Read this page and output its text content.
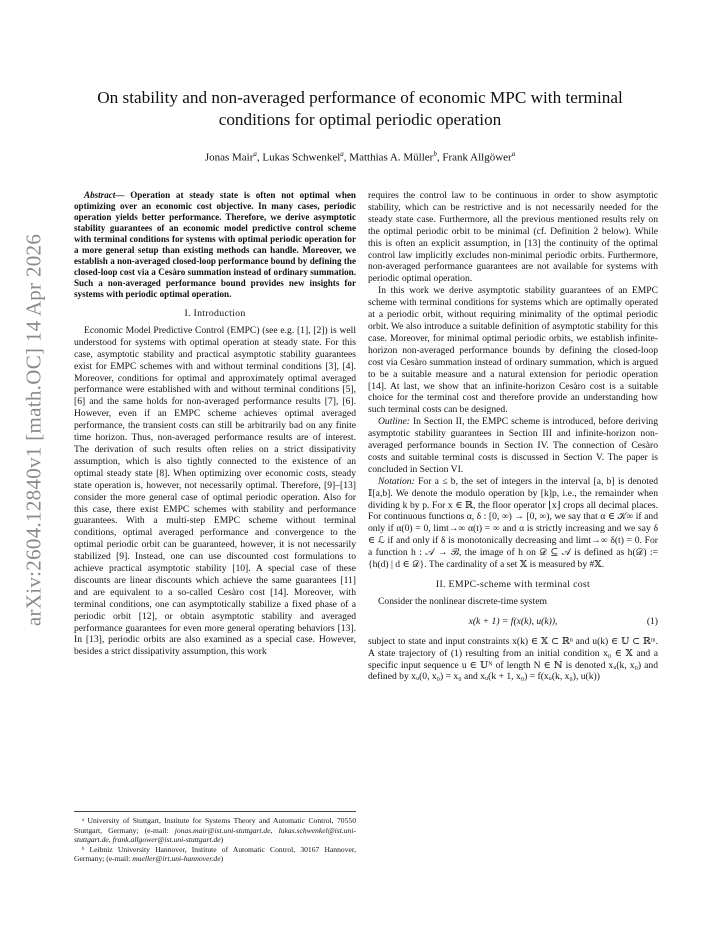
arXiv:2604.12840v1 [math.OC] 14 Apr 2026
On stability and non-averaged performance of economic MPC with terminal conditions for optimal periodic operation
Jonas Mair$^a$, Lukas Schwenkel$^a$, Matthias A. Müller$^b$, Frank Allgöwer$^a$

Abstract— Operation at steady state is often not optimal when optimizing over an economic cost objective. In many cases, periodic operation yields better performance. Therefore, we derive asymptotic stability guarantees of an economic model predictive control scheme with terminal conditions for systems with optimal periodic operation for a more general setup than existing methods can handle. Moreover, we establish a non-averaged closed-loop performance bound by defining the closed-loop cost via a Cesàro summation instead of ordinary summation. Such a non-averaged performance bound provides new insights for systems with periodic optimal operation.

I. Introduction

Economic Model Predictive Control (EMPC) (see e.g. [1], [2]) is well understood for systems with optimal operation at steady state. For this case, asymptotic stability and practical asymptotic stability guarantees exist for EMPC schemes with and without terminal conditions [3], [4]. Moreover, conditions for optimal and approximately optimal averaged performance were established with and without terminal conditions [5], [6] and the same holds for non-averaged performance results [7], [6]. However, even if an EMPC scheme achieves optimal averaged performance, the transient costs can still be arbitrarily bad on any finite time horizon. Thus, non-averaged performance results are of interest. The derivation of such results often relies on a strict dissipativity assumption, which is also tightly connected to the existence of an optimal steady state [8]. When optimizing over economic costs, steady state operation is, however, not necessarily optimal. Therefore, [9]–[13] consider the more general case of optimal periodic operation. Also for this case, there exist EMPC schemes with stability and performance guarantees. With a multi-step EMPC scheme without terminal conditions, optimal averaged performance and convergence to the optimal periodic orbit can be guaranteed, however, it is not necessarily stabilized [9]. Instead, one can use discounted cost formulations to achieve practical asymptotic stability [10]. A special case of these discounts are linear discounts which achieve the same guarantees [11] and are equivalent to a so-called Cesàro cost [14]. Moreover, with terminal conditions, one can asymptotically stabilize a fixed phase of a periodic orbit [12], or obtain asymptotic stability and averaged performance guarantees for even more general operating behaviors [13]. In [13], periodic orbits are also examined as a special case. However, besides a strict dissipativity assumption, this work

requires the control law to be continuous in order to show asymptotic stability, which can be restrictive and is not necessarily needed for the steady state case. Furthermore, all the previous mentioned results rely on the optimal periodic orbit to be minimal (cf. Definition 2 below). While this is often an explicit assumption, in [13] the continuity of the optimal control law implicitly excludes non-minimal periodic orbits. Furthermore, non-averaged performance guarantees are not available for systems with periodic optimal operation.

In this work we derive asymptotic stability guarantees of an EMPC scheme with terminal conditions for systems which are optimally operated at a periodic orbit, without requiring minimality of the optimal periodic orbit. We also introduce a suitable definition of asymptotic stability for this case. Moreover, for minimal optimal periodic orbits, we establish infinite-horizon non-averaged performance bounds by defining the closed-loop cost via Cesàro summation instead of ordinary summation, which is argued to be a suitable measure and a natural extension for periodic operation [14]. At last, we show that an infinite-horizon Cesàro cost is a suitable choice for the terminal cost and therefore provide an understanding how such terminal costs can be designed.

Outline: In Section II, the EMPC scheme is introduced, before deriving asymptotic stability guarantees in Section III and infinite-horizon non-averaged performance bounds in Section IV. The connection of Cesàro costs and suitable terminal costs is discussed in Section V. The paper is concluded in Section VI.

Notation: For a ≤ b, the set of integers in the interval [a, b] is denoted 𝕀[a,b]. We denote the modulo operation by [k]p, i.e., the remainder when dividing k by p. For x ∈ ℝ, the floor operator ⌊x⌋ crops all decimal places. For continuous functions α, δ : [0, ∞) → [0, ∞), we say that α ∈ 𝒦∞ if and only if α(0) = 0, limt→∞ α(t) = ∞ and α is strictly increasing and we say δ ∈ ℒ if and only if δ is monotonically decreasing and limt→∞ δ(t) = 0. For a function h : 𝒜 → ℬ, the image of h on 𝒟 ⊆ 𝒜 is defined as h(𝒟) := {h(d) | d ∈ 𝒟}. The cardinality of a set 𝕏 is measured by #𝕏.

II. EMPC-scheme with terminal cost

Consider the nonlinear discrete-time system

x(k + 1) = f(x(k), u(k)),	(1)

subject to state and input constraints x(k) ∈ 𝕏 ⊂ ℝⁿ and u(k) ∈ 𝕌 ⊂ ℝᵐ. A state trajectory of (1) resulting from an initial condition x₀ ∈ 𝕏 and a specific input sequence u ∈ 𝕌ᴺ of length N ∈ ℕ is denoted xᵤ(k, x₀) and defined by xᵤ(0, x₀) = x₀ and xᵤ(k + 1, x₀) = f(xᵤ(k, x₀), u(k))

ᵃ University of Stuttgart, Institute for Systems Theory and Automatic Control, 70550 Stuttgart, Germany; (e-mail: jonas.mair@ist.uni-stuttgart.de, lukas.schwenkel@ist.uni-stuttgart.de, frank.allgower@ist.uni-stuttgart.de)

ᵇ Leibniz University Hannover, Institute of Automatic Control, 30167 Hannover, Germany; (e-mail: mueller@irt.uni-hannover.de)
